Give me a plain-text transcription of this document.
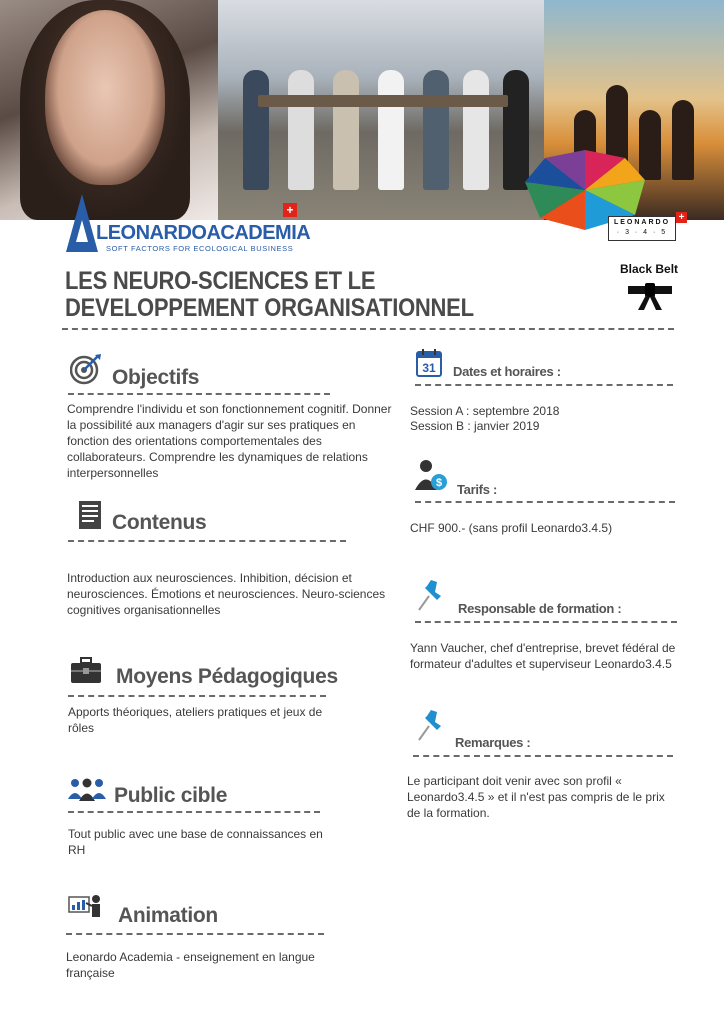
+
LEONARDO
· 3 · 4 · 5
+
LEONARDOACADEMIA
SOFT FACTORS FOR ECOLOGICAL BUSINESS
LES NEURO-SCIENCES ET LE DEVELOPPEMENT ORGANISATIONNEL
Black Belt
Objectifs
Comprendre l'individu et son fonctionnement cognitif. Donner la possibilité aux managers d'agir sur ses pratiques en fonction des orientations comportementales des collaborateurs. Comprendre les dynamiques de relations interpersonnelles
Contenus
Introduction aux neurosciences. Inhibition, décision et neurosciences. Émotions et neurosciences. Neuro-sciences cognitives organisationnelles
Moyens Pédagogiques
Apports théoriques, ateliers pratiques et jeux de rôles
Public cible
Tout public avec une base de connaissances en RH
Animation
Leonardo Academia - enseignement en langue française
31 Dates et horaires :
Session A : septembre 2018
Session B : janvier 2019
$ Tarifs :
CHF 900.- (sans profil Leonardo3.4.5)
Responsable de formation :
Yann Vaucher, chef d'entreprise, brevet fédéral de formateur d'adultes et superviseur Leonardo3.4.5
Remarques :
Le participant doit venir avec son profil « Leonardo3.4.5 » et il n'est pas compris de le prix de la formation.
